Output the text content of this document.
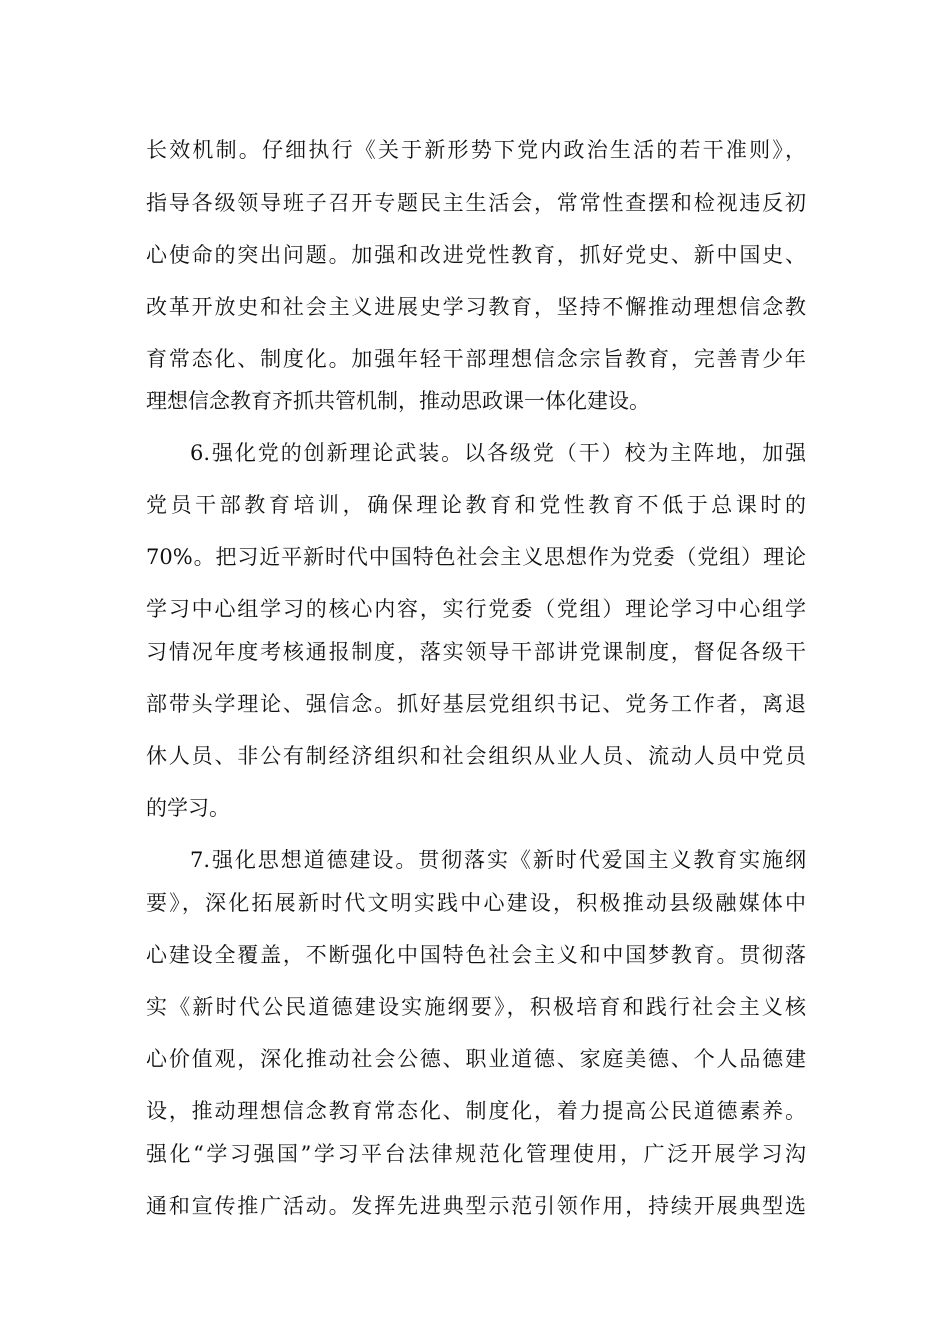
长效机制。仔细执行《关于新形势下党内政治生活的若干准则》，
指导各级领导班子召开专题民主生活会，常常性查摆和检视违反初
心使命的突出问题。加强和改进党性教育，抓好党史、新中国史、
改革开放史和社会主义进展史学习教育，坚持不懈推动理想信念教
育常态化、制度化。加强年轻干部理想信念宗旨教育，完善青少年
理想信念教育齐抓共管机制，推动思政课一体化建设。
6.强化党的创新理论武装。以各级党（干）校为主阵地，加强
党员干部教育培训，确保理论教育和党性教育不低于总课时的
70%。把习近平新时代中国特色社会主义思想作为党委（党组）理论
学习中心组学习的核心内容，实行党委（党组）理论学习中心组学
习情况年度考核通报制度，落实领导干部讲党课制度，督促各级干
部带头学理论、强信念。抓好基层党组织书记、党务工作者，离退
休人员、非公有制经济组织和社会组织从业人员、流动人员中党员
的学习。
7.强化思想道德建设。贯彻落实《新时代爱国主义教育实施纲
要》，深化拓展新时代文明实践中心建设，积极推动县级融媒体中
心建设全覆盖，不断强化中国特色社会主义和中国梦教育。贯彻落
实《新时代公民道德建设实施纲要》，积极培育和践行社会主义核
心价值观，深化推动社会公德、职业道德、家庭美德、个人品德建
设，推动理想信念教育常态化、制度化，着力提高公民道德素养。
强化“学习强国”学习平台法律规范化管理使用，广泛开展学习沟
通和宣传推广活动。发挥先进典型示范引领作用，持续开展典型选
